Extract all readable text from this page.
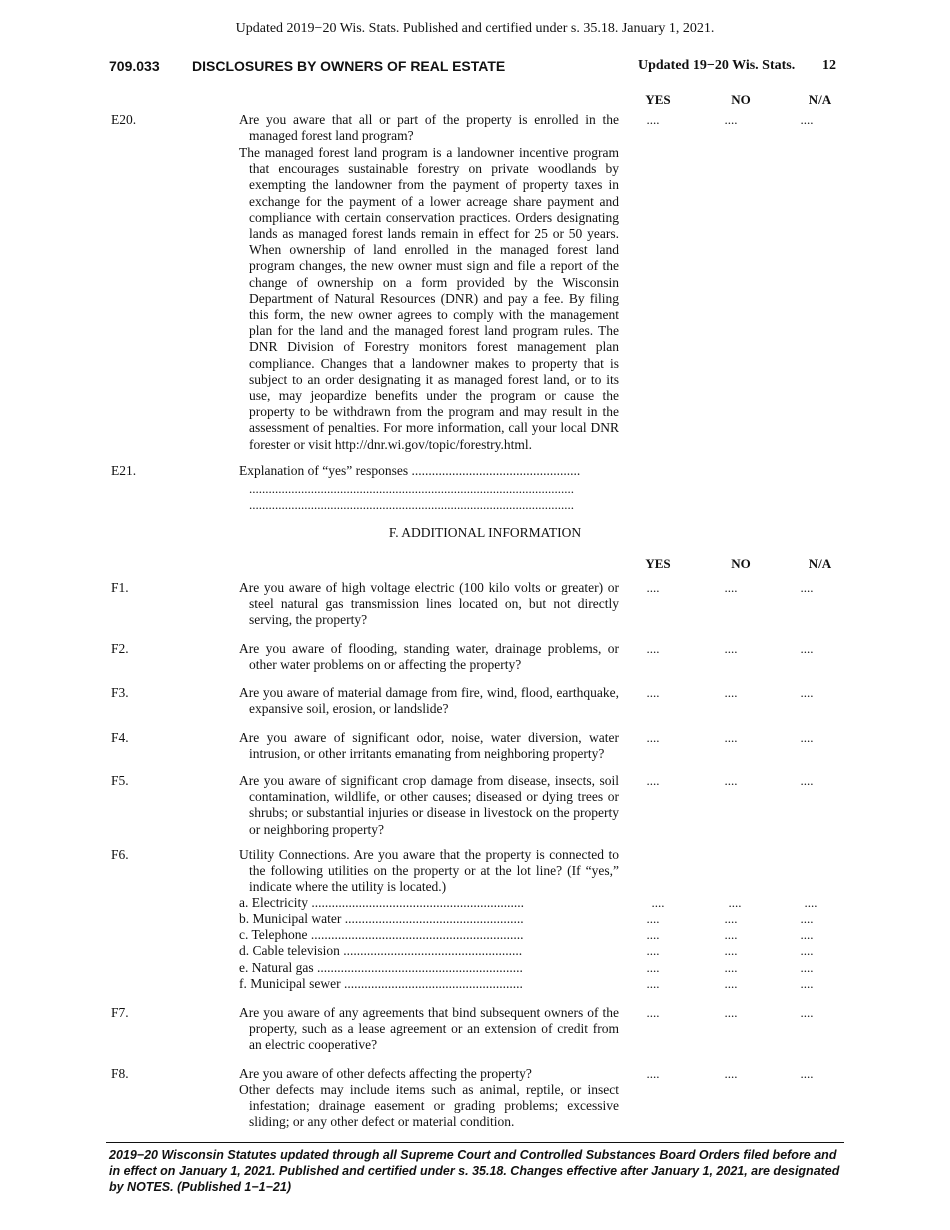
Updated 2019−20 Wis. Stats. Published and certified under s. 35.18. January 1, 2021.
709.033 DISCLOSURES BY OWNERS OF REAL ESTATE	Updated 19−20 Wis. Stats. 12
YES	NO	N/A
E20.	Are you aware that all or part of the property is enrolled in the managed forest land program?
The managed forest land program is a landowner incentive program that encourages sustainable forestry on private woodlands by exempting the landowner from the payment of property taxes in exchange for the payment of a lower acreage share payment and compliance with certain conservation practices. Orders designating lands as managed forest lands remain in effect for 25 or 50 years. When ownership of land enrolled in the managed forest land program changes, the new owner must sign and file a report of the change of ownership on a form provided by the Wisconsin Department of Natural Resources (DNR) and pay a fee. By filing this form, the new owner agrees to comply with the management plan for the land and the managed forest land program rules. The DNR Division of Forestry monitors forest management plan compliance. Changes that a landowner makes to property that is subject to an order designating it as managed forest land, or to its use, may jeopardize benefits under the program or cause the property to be withdrawn from the program and may result in the assessment of penalties. For more information, call your local DNR forester or visit http://dnr.wi.gov/topic/forestry.html.
....	....	....
E21.	Explanation of “yes” responses ..................................................
....................................................................................................
....................................................................................................
F. ADDITIONAL INFORMATION
YES	NO	N/A
F1.	Are you aware of high voltage electric (100 kilo volts or greater) or steel natural gas transmission lines located on, but not directly serving, the property?
....	....	....
F2.	Are you aware of flooding, standing water, drainage problems, or other water problems on or affecting the property?
....	....	....
F3.	Are you aware of material damage from fire, wind, flood, earthquake, expansive soil, erosion, or landslide?
....	....	....
F4.	Are you aware of significant odor, noise, water diversion, water intrusion, or other irritants emanating from neighboring property?
....	....	....
F5.	Are you aware of significant crop damage from disease, insects, soil contamination, wildlife, or other causes; diseased or dying trees or shrubs; or substantial injuries or disease in livestock on the property or neighboring property?
....	....	....
F6.	Utility Connections. Are you aware that the property is connected to the following utilities on the property or at the lot line? (If “yes,” indicate where the utility is located.)
a. Electricity ...............................................................	....	....	....
b. Municipal water .....................................................	....	....	....
c. Telephone ...............................................................	....	....	....
d. Cable television .....................................................	....	....	....
e. Natural gas .............................................................	....	....	....
f. Municipal sewer .....................................................	....	....	....
F7.	Are you aware of any agreements that bind subsequent owners of the property, such as a lease agreement or an extension of credit from an electric cooperative?
....	....	....
F8.	Are you aware of other defects affecting the property?
Other defects may include items such as animal, reptile, or insect infestation; drainage easement or grading problems; excessive sliding; or any other defect or material condition.
....	....	....
2019−20 Wisconsin Statutes updated through all Supreme Court and Controlled Substances Board Orders filed before and in effect on January 1, 2021. Published and certified under s. 35.18. Changes effective after January 1, 2021, are designated by NOTES. (Published 1−1−21)
